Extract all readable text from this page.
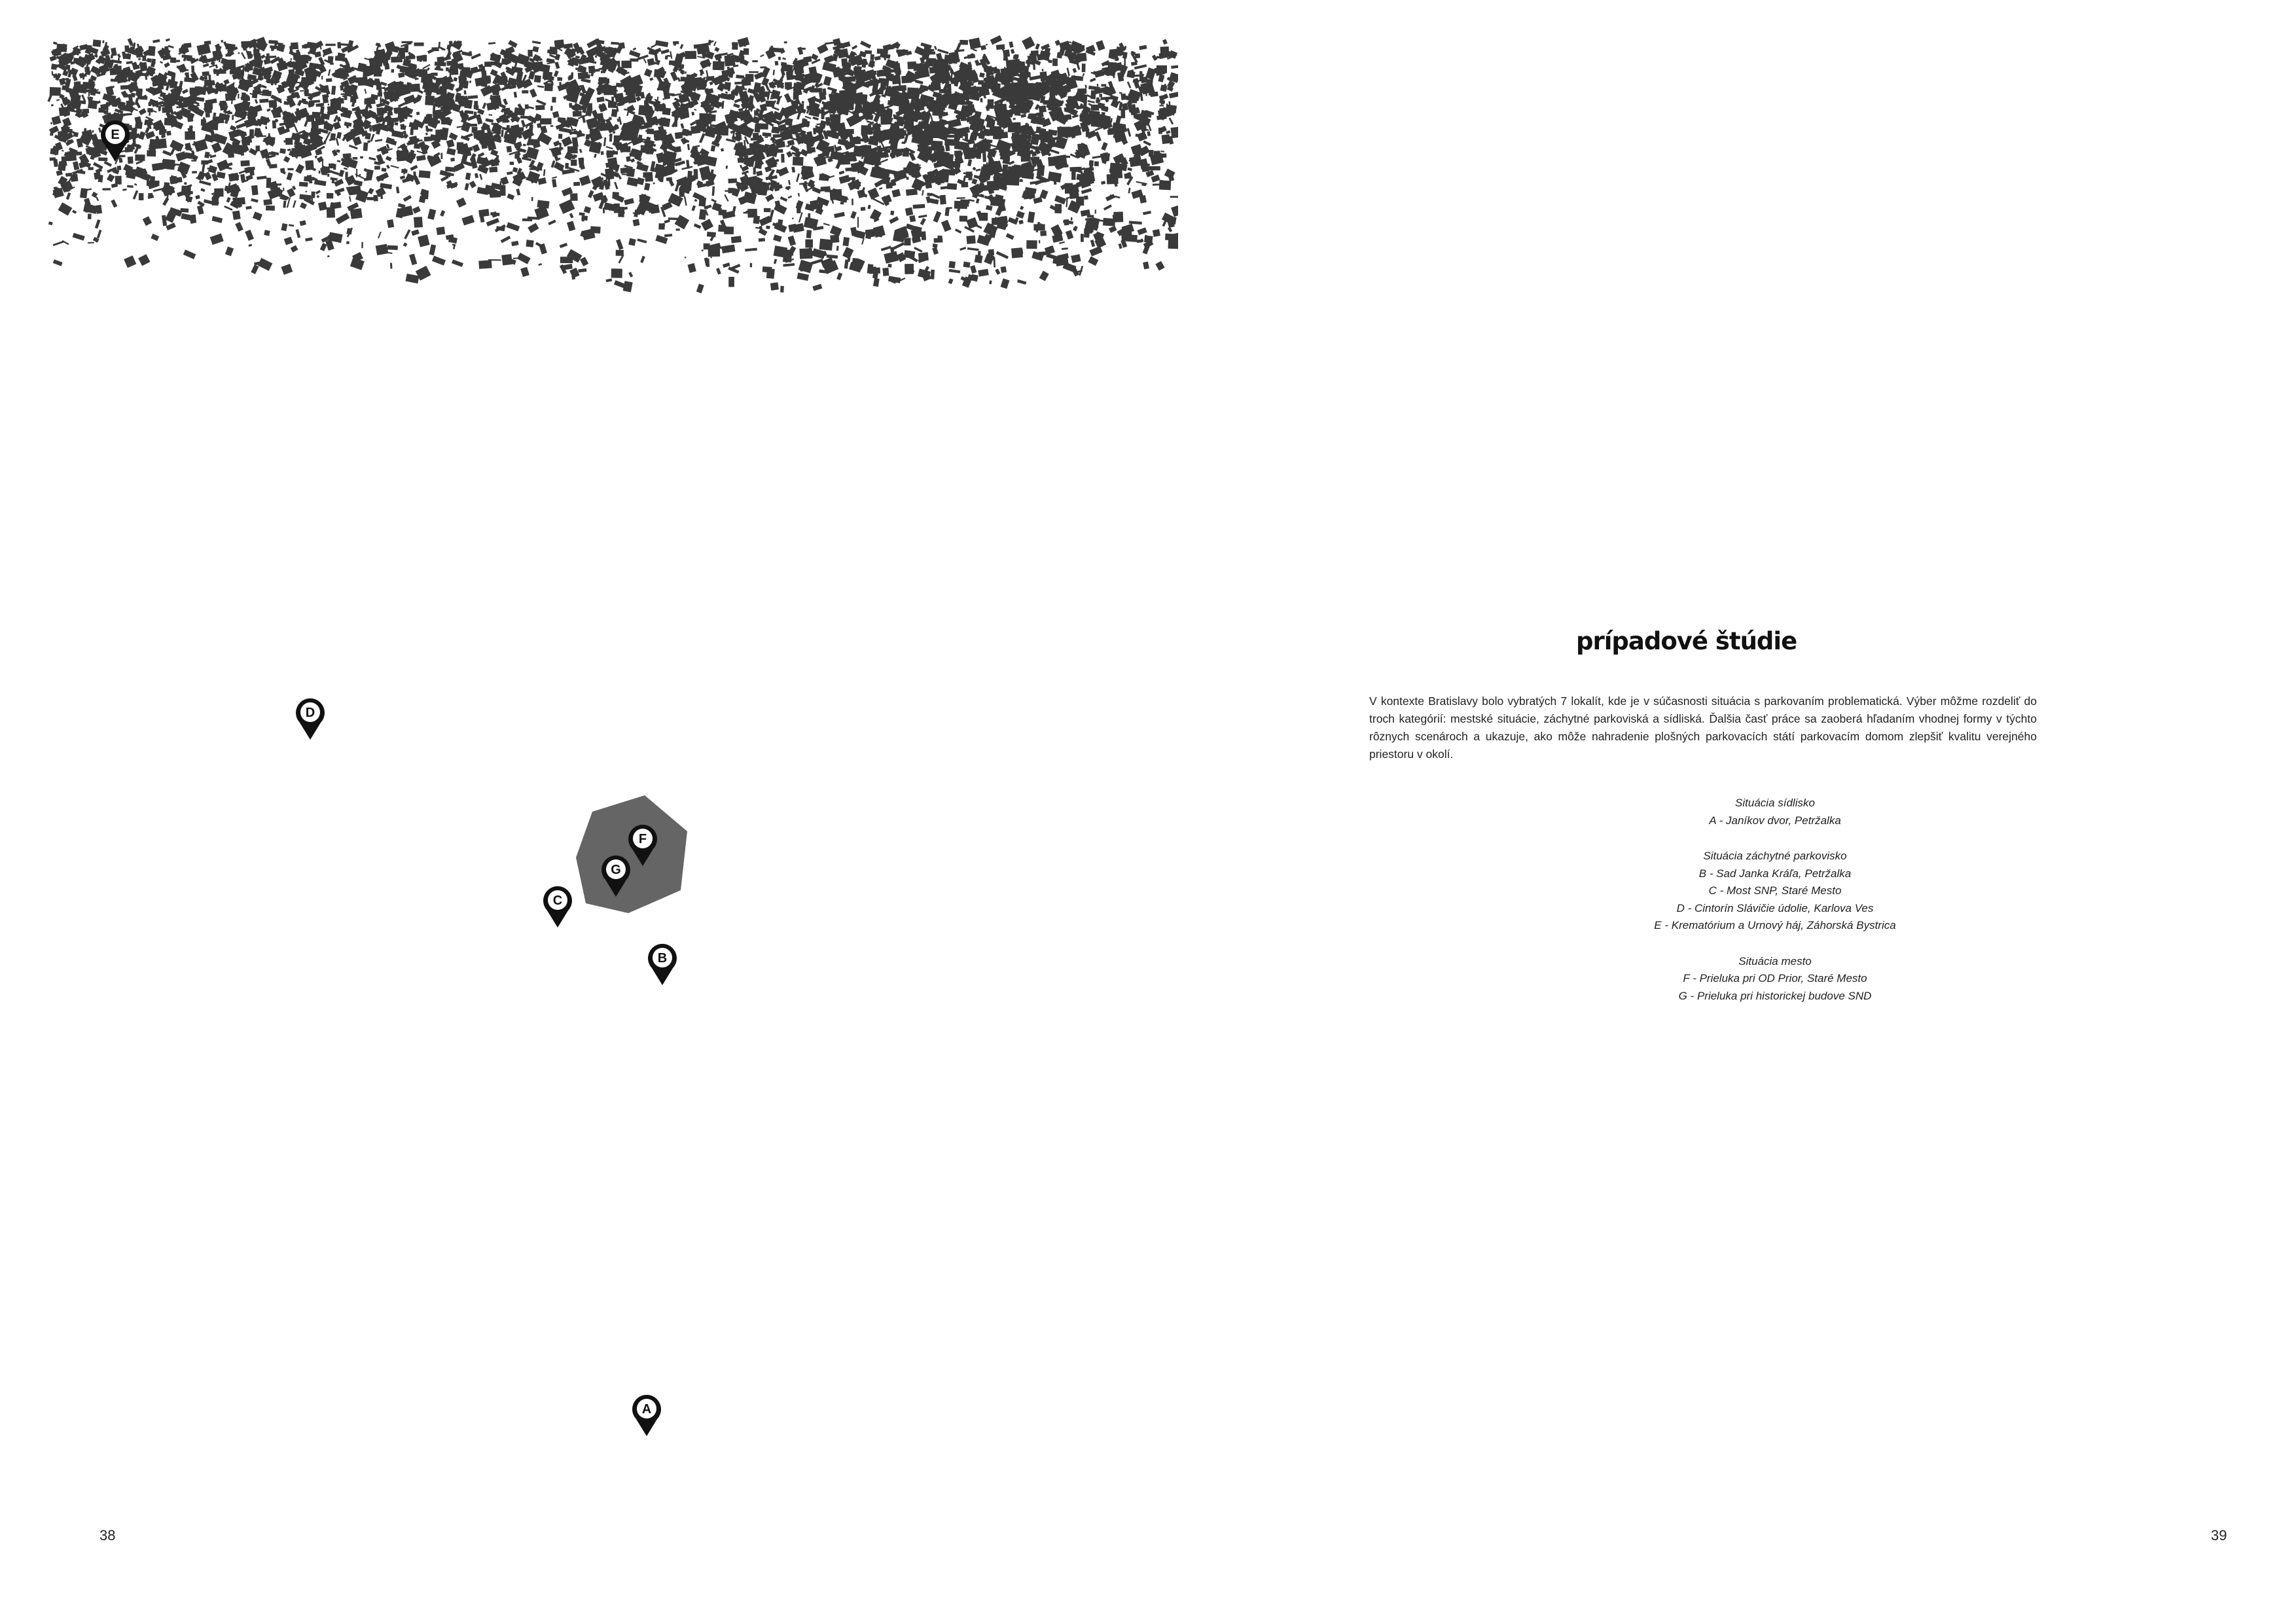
A
B
C
D
E
F
G
38
prípadové štúdie
V kontexte Bratislavy bolo vybratých 7 lokalít, kde je v súčasnosti situácia s parkovaním problematická. Výber môžme rozdeliť do troch kategórií: mestské situácie, záchytné parkoviská a sídliská. Ďalšia časť práce sa zaoberá hľadaním vhodnej formy v týchto rôznych scenároch a ukazuje, ako môže nahradenie plošných parkovacích státí parkovacím domom zlepšiť kvalitu verejného priestoru v okolí.
Situácia sídlisko
A - Janíkov dvor, Petržalka
Situácia záchytné parkovisko
B - Sad Janka Kráľa, Petržalka
C - Most SNP, Staré Mesto
D - Cintorín Slávičie údolie, Karlova Ves
E - Krematórium a Urnový háj, Záhorská Bystrica
Situácia mesto
F - Prieluka pri OD Prior, Staré Mesto
G - Prieluka pri historickej budove SND
39
